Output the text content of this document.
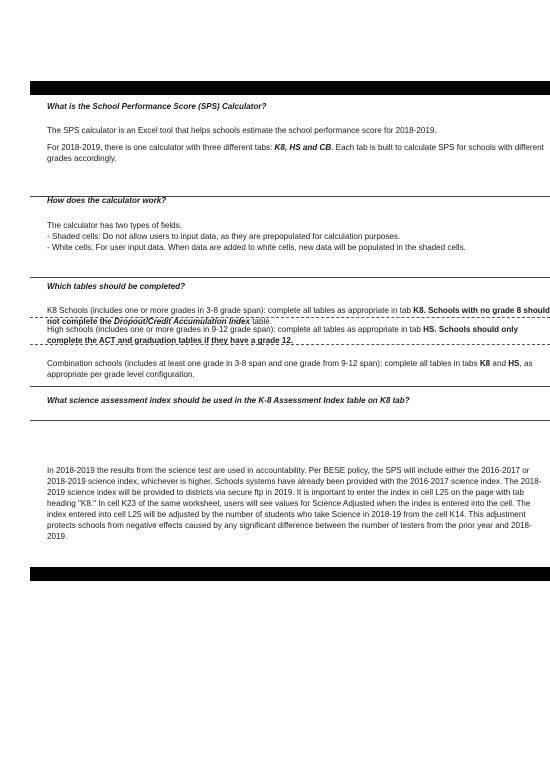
What is the School Performance Score (SPS) Calculator?

The SPS calculator is an Excel tool that helps schools estimate the school performance score for 2018-2019.

For 2018-2019, there is one calculator with three different tabs: K8, HS and CB. Each tab is built to calculate SPS for schools with different grades accordingly.

How does the calculator work?

The calculator has two types of fields.

- Shaded cells: Do not allow users to input data, as they are prepopulated for calculation purposes.

- White cells: For user input data. When data are added to white cells, new data will be populated in the shaded cells.

Which tables should be completed?

K8 Schools (includes one or more grades in 3-8 grade span): complete all tables as appropriate in tab K8. Schools with no grade 8 should not complete the Dropout/Credit Accumulation Index table.

High schools (includes one or more grades in 9-12 grade span): complete all tables as appropriate in tab HS. Schools should only complete the ACT and graduation tables if they have a grade 12.

Combination schools (includes at least one grade in 3-8 span and one grade from 9-12 span): complete all tables in tabs K8 and HS, as appropriate per grade level configuration.

What science assessment index should be used in the K-8 Assessment Index table on K8 tab?

In 2018-2019 the results from the science test are used in accountability. Per BESE policy, the SPS will include either the 2016-2017 or 2018-2019 science index, whichever is higher. Schools systems have already been provided with the 2016-2017 science index. The 2018-2019 science index will be provided to districts via secure ftp in 2019. It is important to enter the index in cell L25 on the page with tab heading "K8." In cell K23 of the same worksheet, users will see values for Science Adjusted when the index is entered into the cell. The index entered into cell L25 will be adjusted by the number of students who take Science in 2018-19 from the cell K14. This adjustment protects schools from negative effects caused by any significant difference between the number of testers from the prior year and 2018-2019.
